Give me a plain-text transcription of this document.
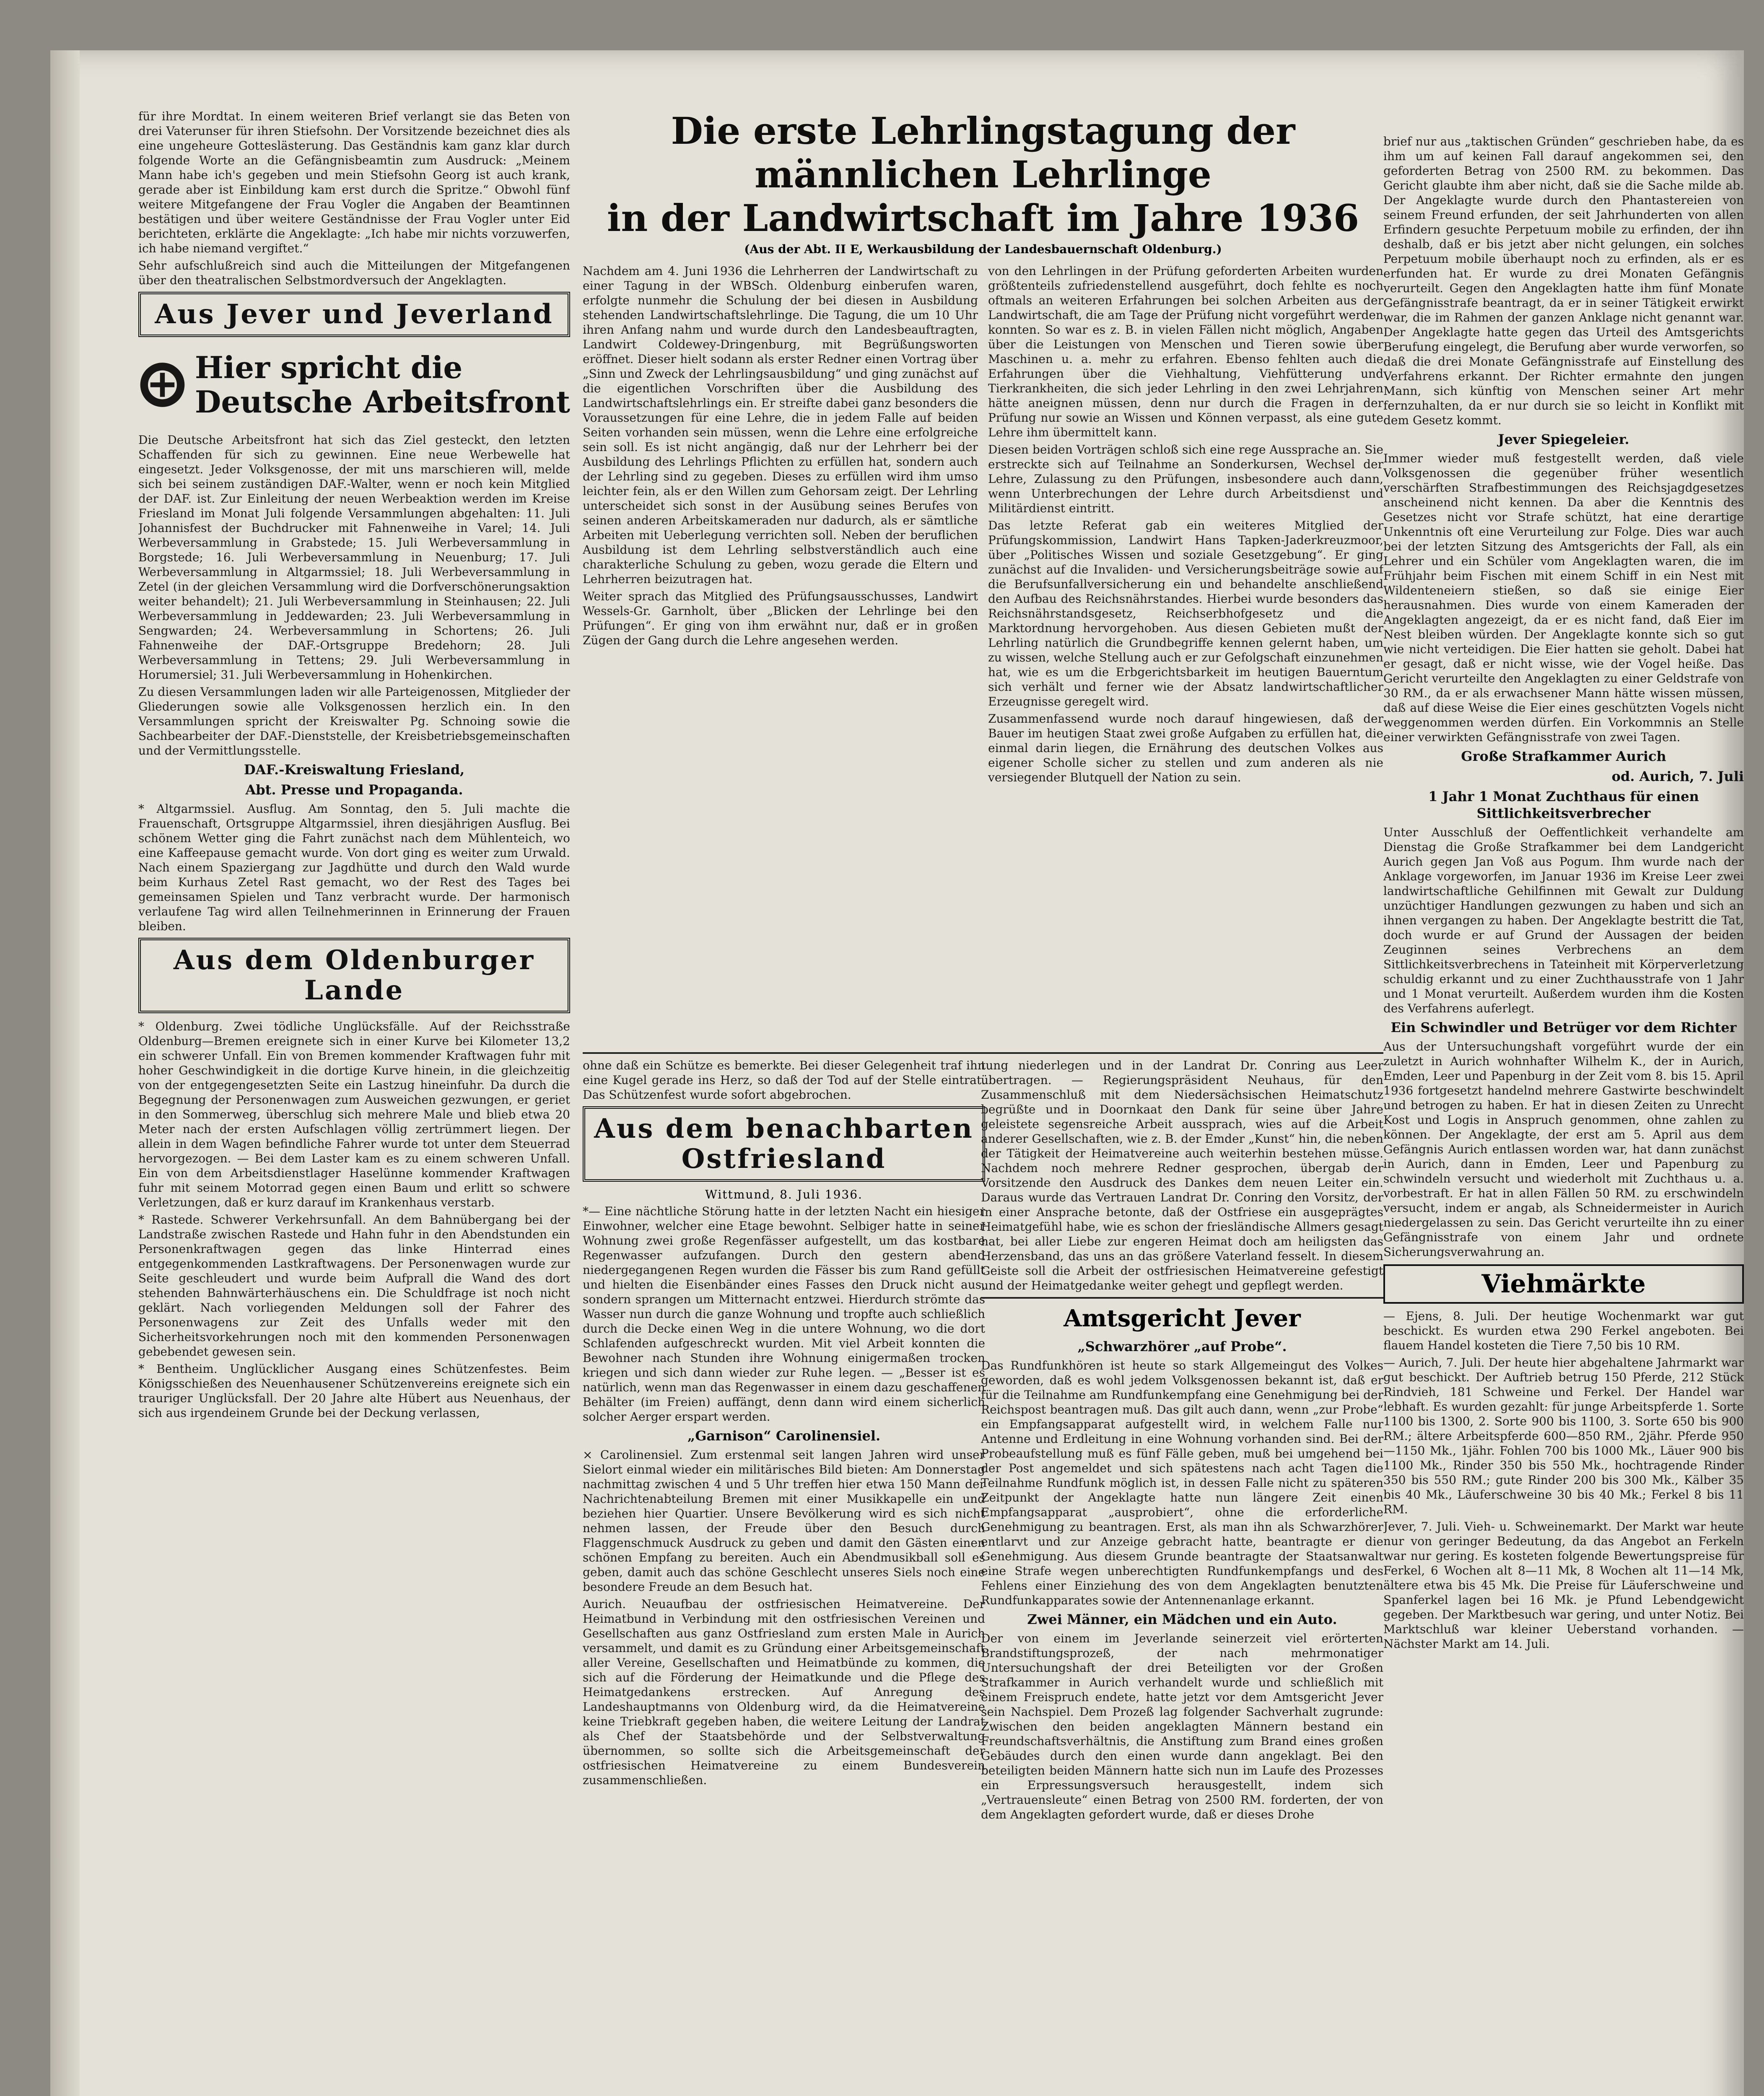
für ihre Mordtat. In einem weiteren Brief verlangt sie das Beten von drei Vaterunser für ihren Stiefsohn. Der Vorsitzende bezeichnet dies als eine ungeheure Gotteslästerung. Das Geständnis kam ganz klar durch folgende Worte an die Gefängnisbeamtin zum Ausdruck: „Meinem Mann habe ich's gegeben und mein Stiefsohn Georg ist auch krank, gerade aber ist Einbildung kam erst durch die Spritze.“ Obwohl fünf weitere Mitgefangene der Frau Vogler die Angaben der Beamtinnen bestätigen und über weitere Geständnisse der Frau Vogler unter Eid berichteten, erklärte die Angeklagte: „Ich habe mir nichts vorzuwerfen, ich habe niemand vergiftet.“

Sehr aufschlußreich sind auch die Mitteilungen der Mitgefangenen über den theatralischen Selbstmordversuch der Angeklagten.

Aus Jever und Jeverland
Hier spricht die Deutsche Arbeitsfront

Die Deutsche Arbeitsfront hat sich das Ziel gesteckt, den letzten Schaffenden für sich zu gewinnen. Eine neue Werbewelle hat eingesetzt. Jeder Volksgenosse, der mit uns marschieren will, melde sich bei seinem zuständigen DAF.-Walter, wenn er noch kein Mitglied der DAF. ist. Zur Einleitung der neuen Werbeaktion werden im Kreise Friesland im Monat Juli folgende Versammlungen abgehalten: 11. Juli Johannisfest der Buchdrucker mit Fahnenweihe in Varel; 14. Juli Werbeversammlung in Grabstede; 15. Juli Werbeversammlung in Borgstede; 16. Juli Werbeversammlung in Neuenburg; 17. Juli Werbeversammlung in Altgarmssiel; 18. Juli Werbeversammlung in Zetel (in der gleichen Versammlung wird die Dorfverschönerungsaktion weiter behandelt); 21. Juli Werbeversammlung in Steinhausen; 22. Juli Werbeversammlung in Jeddewarden; 23. Juli Werbeversammlung in Sengwarden; 24. Werbeversammlung in Schortens; 26. Juli Fahnenweihe der DAF.-Ortsgruppe Bredehorn; 28. Juli Werbeversammlung in Tettens; 29. Juli Werbeversammlung in Horumersiel; 31. Juli Werbeversammlung in Hohenkirchen.

Zu diesen Versammlungen laden wir alle Parteigenossen, Mitglieder der Gliederungen sowie alle Volksgenossen herzlich ein. In den Versammlungen spricht der Kreiswalter Pg. Schnoing sowie die Sachbearbeiter der DAF.-Dienststelle, der Kreisbetriebsgemeinschaften und der Vermittlungsstelle.

DAF.-Kreiswaltung Friesland,

Abt. Presse und Propaganda.

* Altgarmssiel. Ausflug. Am Sonntag, den 5. Juli machte die Frauenschaft, Ortsgruppe Altgarmssiel, ihren diesjährigen Ausflug. Bei schönem Wetter ging die Fahrt zunächst nach dem Mühlenteich, wo eine Kaffeepause gemacht wurde. Von dort ging es weiter zum Urwald. Nach einem Spaziergang zur Jagdhütte und durch den Wald wurde beim Kurhaus Zetel Rast gemacht, wo der Rest des Tages bei gemeinsamen Spielen und Tanz verbracht wurde. Der harmonisch verlaufene Tag wird allen Teilnehmerinnen in Erinnerung der Frauen bleiben.

Aus dem Oldenburger Lande

* Oldenburg. Zwei tödliche Unglücksfälle. Auf der Reichsstraße Oldenburg—Bremen ereignete sich in einer Kurve bei Kilometer 13,2 ein schwerer Unfall. Ein von Bremen kommender Kraftwagen fuhr mit hoher Geschwindigkeit in die dortige Kurve hinein, in die gleichzeitig von der entgegengesetzten Seite ein Lastzug hineinfuhr. Da durch die Begegnung der Personenwagen zum Ausweichen gezwungen, er geriet in den Sommerweg, überschlug sich mehrere Male und blieb etwa 20 Meter nach der ersten Aufschlagen völlig zertrümmert liegen. Der allein in dem Wagen befindliche Fahrer wurde tot unter dem Steuerrad hervorgezogen. — Bei dem Laster kam es zu einem schweren Unfall. Ein von dem Arbeitsdienstlager Haselünne kommender Kraftwagen fuhr mit seinem Motorrad gegen einen Baum und erlitt so schwere Verletzungen, daß er kurz darauf im Krankenhaus verstarb.

* Rastede. Schwerer Verkehrsunfall. An dem Bahnübergang bei der Landstraße zwischen Rastede und Hahn fuhr in den Abendstunden ein Personenkraftwagen gegen das linke Hinterrad eines entgegenkommenden Lastkraftwagens. Der Personenwagen wurde zur Seite geschleudert und wurde beim Aufprall die Wand des dort stehenden Bahnwärterhäuschens ein. Die Schuldfrage ist noch nicht geklärt. Nach vorliegenden Meldungen soll der Fahrer des Personenwagens zur Zeit des Unfalls weder mit den Sicherheitsvorkehrungen noch mit den kommenden Personenwagen gebebendet gewesen sein.

* Bentheim. Unglücklicher Ausgang eines Schützenfestes. Beim Königsschießen des Neuenhausener Schützenvereins ereignete sich ein trauriger Unglücksfall. Der 20 Jahre alte Hübert aus Neuenhaus, der sich aus irgendeinem Grunde bei der Deckung verlassen,

Die erste Lehrlingstagung der männlichen Lehrlinge
in der Landwirtschaft im Jahre 1936
(Aus der Abt. II E, Werkausbildung der Landesbauernschaft Oldenburg.)

Nachdem am 4. Juni 1936 die Lehrherren der Landwirtschaft zu einer Tagung in der WBSch. Oldenburg einberufen waren, erfolgte nunmehr die Schulung der bei diesen in Ausbildung stehenden Landwirtschaftslehrlinge. Die Tagung, die um 10 Uhr ihren Anfang nahm und wurde durch den Landesbeauftragten, Landwirt Coldewey-Dringenburg, mit Begrüßungsworten eröffnet. Dieser hielt sodann als erster Redner einen Vortrag über „Sinn und Zweck der Lehrlingsausbildung“ und ging zunächst auf die eigentlichen Vorschriften über die Ausbildung des Landwirtschaftslehrlings ein. Er streifte dabei ganz besonders die Voraussetzungen für eine Lehre, die in jedem Falle auf beiden Seiten vorhanden sein müssen, wenn die Lehre eine erfolgreiche sein soll. Es ist nicht angängig, daß nur der Lehrherr bei der Ausbildung des Lehrlings Pflichten zu erfüllen hat, sondern auch der Lehrling sind zu gegeben. Dieses zu erfüllen wird ihm umso leichter fein, als er den Willen zum Gehorsam zeigt. Der Lehrling unterscheidet sich sonst in der Ausübung seines Berufes von seinen anderen Arbeitskameraden nur dadurch, als er sämtliche Arbeiten mit Ueberlegung verrichten soll. Neben der beruflichen Ausbildung ist dem Lehrling selbstverständlich auch eine charakterliche Schulung zu geben, wozu gerade die Eltern und Lehrherren beizutragen hat.

Weiter sprach das Mitglied des Prüfungsausschusses, Landwirt Wessels-Gr. Garnholt, über „Blicken der Lehrlinge bei den Prüfungen“. Er ging von ihm erwähnt nur, daß er in großen Zügen der Gang durch die Lehre angesehen werden.

von den Lehrlingen in der Prüfung geforderten Arbeiten wurden größtenteils zufriedenstellend ausgeführt, doch fehlte es noch oftmals an weiteren Erfahrungen bei solchen Arbeiten aus der Landwirtschaft, die am Tage der Prüfung nicht vorgeführt werden konnten. So war es z. B. in vielen Fällen nicht möglich, Angaben über die Leistungen von Menschen und Tieren sowie über Maschinen u. a. mehr zu erfahren. Ebenso fehlten auch die Erfahrungen über die Viehhaltung, Viehfütterung und Tierkrankheiten, die sich jeder Lehrling in den zwei Lehrjahren hätte aneignen müssen, denn nur durch die Fragen in der Prüfung nur sowie an Wissen und Können verpasst, als eine gute Lehre ihm übermittelt kann.

Diesen beiden Vorträgen schloß sich eine rege Aussprache an. Sie erstreckte sich auf Teilnahme an Sonderkursen, Wechsel der Lehre, Zulassung zu den Prüfungen, insbesondere auch dann, wenn Unterbrechungen der Lehre durch Arbeitsdienst und Militärdienst eintritt.

Das letzte Referat gab ein weiteres Mitglied der Prüfungskommission, Landwirt Hans Tapken-Jaderkreuzmoor, über „Politisches Wissen und soziale Gesetzgebung“. Er ging zunächst auf die Invaliden- und Versicherungsbeiträge sowie auf die Berufsunfallversicherung ein und behandelte anschließend den Aufbau des Reichsnährstandes. Hierbei wurde besonders das Reichsnährstandsgesetz, Reichserbhofgesetz und die Marktordnung hervorgehoben. Aus diesen Gebieten mußt der Lehrling natürlich die Grundbegriffe kennen gelernt haben, um zu wissen, welche Stellung auch er zur Gefolgschaft einzunehmen hat, wie es um die Erbgerichtsbarkeit im heutigen Bauerntum sich verhält und ferner wie der Absatz landwirtschaftlicher Erzeugnisse geregelt wird.

Zusammenfassend wurde noch darauf hingewiesen, daß der Bauer im heutigen Staat zwei große Aufgaben zu erfüllen hat, die einmal darin liegen, die Ernährung des deutschen Volkes aus eigener Scholle sicher zu stellen und zum anderen als nie versiegender Blutquell der Nation zu sein.

ohne daß ein Schütze es bemerkte. Bei dieser Gelegenheit traf ihn eine Kugel gerade ins Herz, so daß der Tod auf der Stelle eintrat. Das Schützenfest wurde sofort abgebrochen.

Aus dem benachbarten Ostfriesland
Wittmund, 8. Juli 1936.

*— Eine nächtliche Störung hatte in der letzten Nacht ein hiesiger Einwohner, welcher eine Etage bewohnt. Selbiger hatte in seiner Wohnung zwei große Regenfässer aufgestellt, um das kostbare Regenwasser aufzufangen. Durch den gestern abend niedergegangenen Regen wurden die Fässer bis zum Rand gefüllt und hielten die Eisenbänder eines Fasses den Druck nicht aus, sondern sprangen um Mitternacht entzwei. Hierdurch strömte das Wasser nun durch die ganze Wohnung und tropfte auch schließlich durch die Decke einen Weg in die untere Wohnung, wo die dort Schlafenden aufgeschreckt wurden. Mit viel Arbeit konnten die Bewohner nach Stunden ihre Wohnung einigermaßen trocken kriegen und sich dann wieder zur Ruhe legen. — „Besser ist es natürlich, wenn man das Regenwasser in einem dazu geschaffenen Behälter (im Freien) auffängt, denn dann wird einem sicherlich solcher Aerger erspart werden.

„Garnison“ Carolinensiel.

× Carolinensiel. Zum erstenmal seit langen Jahren wird unser Sielort einmal wieder ein militärisches Bild bieten: Am Donnerstag nachmittag zwischen 4 und 5 Uhr treffen hier etwa 150 Mann der Nachrichtenabteilung Bremen mit einer Musikkapelle ein und beziehen hier Quartier. Unsere Bevölkerung wird es sich nicht nehmen lassen, der Freude über den Besuch durch Flaggenschmuck Ausdruck zu geben und damit den Gästen einen schönen Empfang zu bereiten. Auch ein Abendmusikball soll es geben, damit auch das schöne Geschlecht unseres Siels noch eine besondere Freude an dem Besuch hat.

Aurich. Neuaufbau der ostfriesischen Heimatvereine. Der Heimatbund in Verbindung mit den ostfriesischen Vereinen und Gesellschaften aus ganz Ostfriesland zum ersten Male in Aurich versammelt, und damit es zu Gründung einer Arbeitsgemeinschaft aller Vereine, Gesellschaften und Heimatbünde zu kommen, die sich auf die Förderung der Heimatkunde und die Pflege des Heimatgedankens erstrecken. Auf Anregung des Landeshauptmanns von Oldenburg wird, da die Heimatvereine keine Triebkraft gegeben haben, die weitere Leitung der Landrat als Chef der Staatsbehörde und der Selbstverwaltung übernommen, so sollte sich die Arbeitsgemeinschaft der ostfriesischen Heimatvereine zu einem Bundesverein zusammenschließen.

tung niederlegen und in der Landrat Dr. Conring aus Leer übertragen. — Regierungspräsident Neuhaus, für den Zusammenschluß mit dem Niedersächsischen Heimatschutz begrüßte und in Doornkaat den Dank für seine über Jahre geleistete segensreiche Arbeit aussprach, wies auf die Arbeit anderer Gesellschaften, wie z. B. der Emder „Kunst“ hin, die neben der Tätigkeit der Heimatvereine auch weiterhin bestehen müsse. Nachdem noch mehrere Redner gesprochen, übergab der Vorsitzende den Ausdruck des Dankes dem neuen Leiter ein. Daraus wurde das Vertrauen Landrat Dr. Conring den Vorsitz, der in einer Ansprache betonte, daß der Ostfriese ein ausgeprägtes Heimatgefühl habe, wie es schon der friesländische Allmers gesagt hat, bei aller Liebe zur engeren Heimat doch am heiligsten das Herzensband, das uns an das größere Vaterland fesselt. In diesem Geiste soll die Arbeit der ostfriesischen Heimatvereine gefestigt und der Heimatgedanke weiter gehegt und gepflegt werden.

Amtsgericht Jever

„Schwarzhörer „auf Probe“.

Das Rundfunkhören ist heute so stark Allgemeingut des Volkes geworden, daß es wohl jedem Volksgenossen bekannt ist, daß er für die Teilnahme am Rundfunkempfang eine Genehmigung bei der Reichspost beantragen muß. Das gilt auch dann, wenn „zur Probe“ ein Empfangsapparat aufgestellt wird, in welchem Falle nur Antenne und Erdleitung in eine Wohnung vorhanden sind. Bei der Probeaufstellung muß es fünf Fälle geben, muß bei umgehend bei der Post angemeldet und sich spätestens nach acht Tagen die Teilnahme Rundfunk möglich ist, in dessen Falle nicht zu späteren Zeitpunkt der Angeklagte hatte nun längere Zeit einen Empfangsapparat „ausprobiert“, ohne die erforderliche Genehmigung zu beantragen. Erst, als man ihn als Schwarzhörer entlarvt und zur Anzeige gebracht hatte, beantragte er die Genehmigung. Aus diesem Grunde beantragte der Staatsanwalt eine Strafe wegen unberechtigten Rundfunkempfangs und des Fehlens einer Einziehung des von dem Angeklagten benutzten Rundfunkapparates sowie der Antennenanlage erkannt.

Zwei Männer, ein Mädchen und ein Auto.

Der von einem im Jeverlande seinerzeit viel erörterten Brandstiftungsprozeß, der nach mehrmonatiger Untersuchungshaft der drei Beteiligten vor der Großen Strafkammer in Aurich verhandelt wurde und schließlich mit einem Freispruch endete, hatte jetzt vor dem Amtsgericht Jever sein Nachspiel. Dem Prozeß lag folgender Sachverhalt zugrunde: Zwischen den beiden angeklagten Männern bestand ein Freundschaftsverhältnis, die Anstiftung zum Brand eines großen Gebäudes durch den einen wurde dann angeklagt. Bei den beteiligten beiden Männern hatte sich nun im Laufe des Prozesses ein Erpressungsversuch herausgestellt, indem sich „Vertrauensleute“ einen Betrag von 2500 RM. forderten, der von dem Angeklagten gefordert wurde, daß er dieses Drohe

brief nur aus „taktischen Gründen“ geschrieben habe, da es ihm um auf keinen Fall darauf angekommen sei, den geforderten Betrag von 2500 RM. zu bekommen. Das Gericht glaubte ihm aber nicht, daß sie die Sache milde ab. Der Angeklagte wurde durch den Phantastereien von seinem Freund erfunden, der seit Jahrhunderten von allen Erfindern gesuchte Perpetuum mobile zu erfinden, der ihn deshalb, daß er bis jetzt aber nicht gelungen, ein solches Perpetuum mobile überhaupt noch zu erfinden, als er es erfunden hat. Er wurde zu drei Monaten Gefängnis verurteilt. Gegen den Angeklagten hatte ihm fünf Monate Gefängnisstrafe beantragt, da er in seiner Tätigkeit erwirkt war, die im Rahmen der ganzen Anklage nicht genannt war. Der Angeklagte hatte gegen das Urteil des Amtsgerichts Berufung eingelegt, die Berufung aber wurde verworfen, so daß die drei Monate Gefängnisstrafe auf Einstellung des Verfahrens erkannt. Der Richter ermahnte den jungen Mann, sich künftig von Menschen seiner Art mehr fernzuhalten, da er nur durch sie so leicht in Konflikt mit dem Gesetz kommt.

Jever Spiegeleier.

Immer wieder muß festgestellt werden, daß viele Volksgenossen die gegenüber früher wesentlich verschärften Strafbestimmungen des Reichsjagdgesetzes anscheinend nicht kennen. Da aber die Kenntnis des Gesetzes nicht vor Strafe schützt, hat eine derartige Unkenntnis oft eine Verurteilung zur Folge. Dies war auch bei der letzten Sitzung des Amtsgerichts der Fall, als ein Lehrer und ein Schüler vom Angeklagten waren, die im Frühjahr beim Fischen mit einem Schiff in ein Nest mit Wildenteneiern stießen, so daß sie einige Eier herausnahmen. Dies wurde von einem Kameraden der Angeklagten angezeigt, da er es nicht fand, daß Eier im Nest bleiben würden. Der Angeklagte konnte sich so gut wie nicht verteidigen. Die Eier hatten sie geholt. Dabei hat er gesagt, daß er nicht wisse, wie der Vogel heiße. Das Gericht verurteilte den Angeklagten zu einer Geldstrafe von 30 RM., da er als erwachsener Mann hätte wissen müssen, daß auf diese Weise die Eier eines geschützten Vogels nicht weggenommen werden dürfen. Ein Vorkommnis an Stelle einer verwirkten Gefängnisstrafe von zwei Tagen.

Große Strafkammer Aurich

od. Aurich, 7. Juli

1 Jahr 1 Monat Zuchthaus für einen Sittlichkeitsverbrecher

Unter Ausschluß der Oeffentlichkeit verhandelte am Dienstag die Große Strafkammer bei dem Landgericht Aurich gegen Jan Voß aus Pogum. Ihm wurde nach der Anklage vorgeworfen, im Januar 1936 im Kreise Leer zwei landwirtschaftliche Gehilfinnen mit Gewalt zur Duldung unzüchtiger Handlungen gezwungen zu haben und sich an ihnen vergangen zu haben. Der Angeklagte bestritt die Tat, doch wurde er auf Grund der Aussagen der beiden Zeuginnen seines Verbrechens an dem Sittlichkeitsverbrechens in Tateinheit mit Körperverletzung schuldig erkannt und zu einer Zuchthausstrafe von 1 Jahr und 1 Monat verurteilt. Außerdem wurden ihm die Kosten des Verfahrens auferlegt.

Ein Schwindler und Betrüger vor dem Richter

Aus der Untersuchungshaft vorgeführt wurde der ein zuletzt in Aurich wohnhafter Wilhelm K., der in Aurich, Emden, Leer und Papenburg in der Zeit vom 8. bis 15. April 1936 fortgesetzt handelnd mehrere Gastwirte beschwindelt und betrogen zu haben. Er hat in diesen Zeiten zu Unrecht Kost und Logis in Anspruch genommen, ohne zahlen zu können. Der Angeklagte, der erst am 5. April aus dem Gefängnis Aurich entlassen worden war, hat dann zunächst in Aurich, dann in Emden, Leer und Papenburg zu schwindeln versucht und wiederholt mit Zuchthaus u. a. vorbestraft. Er hat in allen Fällen 50 RM. zu erschwindeln versucht, indem er angab, als Schneidermeister in Aurich niedergelassen zu sein. Das Gericht verurteilte ihn zu einer Gefängnisstrafe von einem Jahr und ordnete Sicherungsverwahrung an.

Viehmärkte

— Ejens, 8. Juli. Der heutige Wochenmarkt war gut beschickt. Es wurden etwa 290 Ferkel angeboten. Bei flauem Handel kosteten die Tiere 7,50 bis 10 RM.

— Aurich, 7. Juli. Der heute hier abgehaltene Jahrmarkt war gut beschickt. Der Auftrieb betrug 150 Pferde, 212 Stück Rindvieh, 181 Schweine und Ferkel. Der Handel war lebhaft. Es wurden gezahlt: für junge Arbeitspferde 1. Sorte 1100 bis 1300, 2. Sorte 900 bis 1100, 3. Sorte 650 bis 900 RM.; ältere Arbeitspferde 600—850 RM., 2jähr. Pferde 950—1150 Mk., 1jähr. Fohlen 700 bis 1000 Mk., Läuer 900 bis 1100 Mk., Rinder 350 bis 550 Mk., hochtragende Rinder 350 bis 550 RM.; gute Rinder 200 bis 300 Mk., Kälber 35 bis 40 Mk., Läuferschweine 30 bis 40 Mk.; Ferkel 8 bis 11 RM.

Jever, 7. Juli. Vieh- u. Schweinemarkt. Der Markt war heute nur von geringer Bedeutung, da das Angebot an Ferkeln war nur gering. Es kosteten folgende Bewertungspreise für Ferkel, 6 Wochen alt 8—11 Mk, 8 Wochen alt 11—14 Mk, ältere etwa bis 45 Mk. Die Preise für Läuferschweine und Spanferkel lagen bei 16 Mk. je Pfund Lebendgewicht gegeben. Der Marktbesuch war gering, und unter Notiz. Bei Marktschluß war kleiner Ueberstand vorhanden. — Nächster Markt am 14. Juli.
